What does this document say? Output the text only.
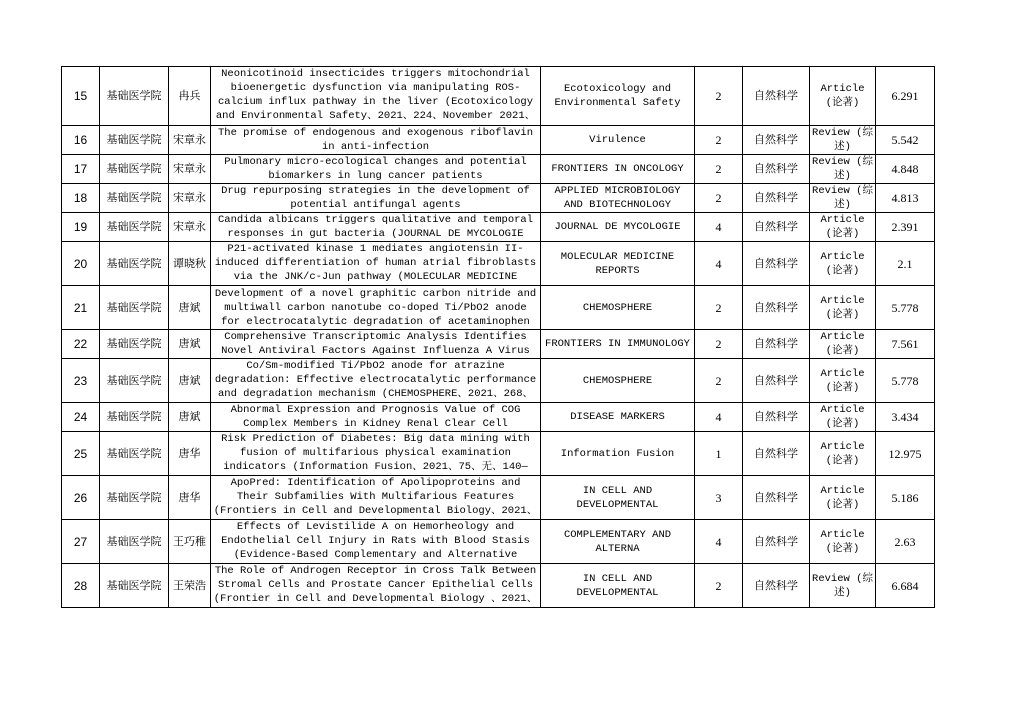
15	基础医学院	冉兵	Neonicotinoid insecticides triggers mitochondrial bioenergetic dysfunction via manipulating ROS-calcium influx pathway in the liver (Ecotoxicology and Environmental Safety、2021、224、November 2021、	Ecotoxicology and Environmental Safety	2	自然科学	Article (论著)	6.291
16	基础医学院	宋章永	The promise of endogenous and exogenous riboflavin in anti-infection	Virulence	2	自然科学	Review (综述)	5.542
17	基础医学院	宋章永	Pulmonary micro-ecological changes and potential biomarkers in lung cancer patients	FRONTIERS IN ONCOLOGY	2	自然科学	Review (综述)	4.848
18	基础医学院	宋章永	Drug repurposing strategies in the development of potential antifungal agents	APPLIED MICROBIOLOGY AND BIOTECHNOLOGY	2	自然科学	Review (综述)	4.813
19	基础医学院	宋章永	Candida albicans triggers qualitative and temporal responses in gut bacteria (JOURNAL DE MYCOLOGIE	JOURNAL DE MYCOLOGIE	4	自然科学	Article (论著)	2.391
20	基础医学院	谭晓秋	P21-activated kinase 1 mediates angiotensin II-induced differentiation of human atrial fibroblasts via the JNK/c-Jun pathway (MOLECULAR MEDICINE	MOLECULAR MEDICINE REPORTS	4	自然科学	Article (论著)	2.1
21	基础医学院	唐斌	Development of a novel graphitic carbon nitride and multiwall carbon nanotube co-doped Ti/PbO2 anode for electrocatalytic degradation of acetaminophen	CHEMOSPHERE	2	自然科学	Article (论著)	5.778
22	基础医学院	唐斌	Comprehensive Transcriptomic Analysis Identifies Novel Antiviral Factors Against Influenza A Virus	FRONTIERS IN IMMUNOLOGY	2	自然科学	Article (论著)	7.561
23	基础医学院	唐斌	Co/Sm-modified Ti/PbO2 anode for atrazine degradation: Effective electrocatalytic performance and degradation mechanism (CHEMOSPHERE、2021、268、	CHEMOSPHERE	2	自然科学	Article (论著)	5.778
24	基础医学院	唐斌	Abnormal Expression and Prognosis Value of COG Complex Members in Kidney Renal Clear Cell	DISEASE MARKERS	4	自然科学	Article (论著)	3.434
25	基础医学院	唐华	Risk Prediction of Diabetes: Big data mining with fusion of multifarious physical examination indicators (Information Fusion、2021、75、无、140—	Information Fusion	1	自然科学	Article (论著)	12.975
26	基础医学院	唐华	ApoPred: Identification of Apolipoproteins and Their Subfamilies With Multifarious Features (Frontiers in Cell and Developmental Biology、2021、	IN CELL AND DEVELOPMENTAL	3	自然科学	Article (论著)	5.186
27	基础医学院	王巧稚	Effects of Levistilide A on Hemorheology and Endothelial Cell Injury in Rats with Blood Stasis (Evidence-Based Complementary and Alternative	COMPLEMENTARY AND ALTERNA	4	自然科学	Article (论著)	2.63
28	基础医学院	王荣浩	The Role of Androgen Receptor in Cross Talk Between Stromal Cells and Prostate Cancer Epithelial Cells (Frontier in Cell and Developmental Biology 、2021、	IN CELL AND DEVELOPMENTAL	2	自然科学	Review (综述)	6.684
